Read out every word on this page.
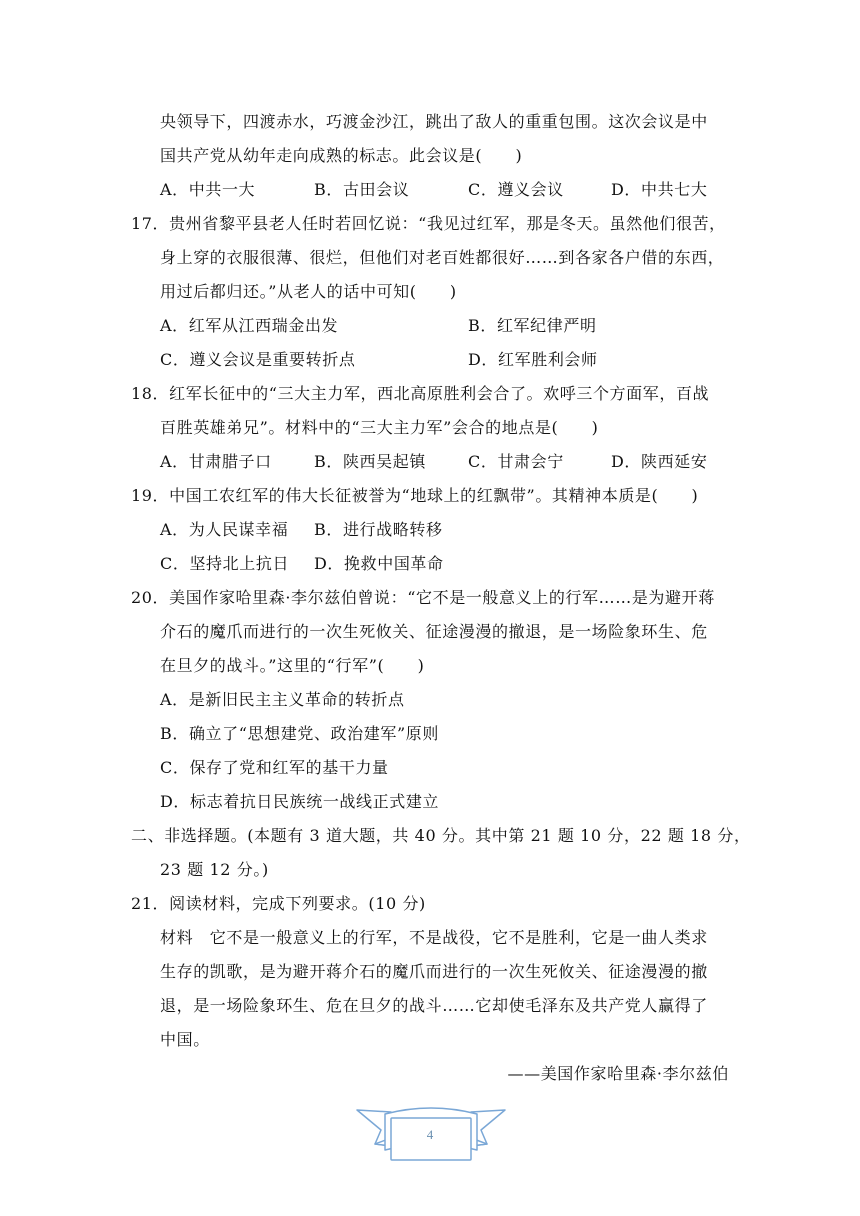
央领导下，四渡赤水，巧渡金沙江，跳出了敌人的重重包围。这次会议是中
国共产党从幼年走向成熟的标志。此会议是(　　)
A．中共一大	B．古田会议	C．遵义会议	D．中共七大
17．贵州省黎平县老人任时若回忆说：“我见过红军，那是冬天。虽然他们很苦，
身上穿的衣服很薄、很烂，但他们对老百姓都很好……到各家各户借的东西，
用过后都归还。”从老人的话中可知(　　)
A．红军从江西瑞金出发	B．红军纪律严明
C．遵义会议是重要转折点	D．红军胜利会师
18．红军长征中的“三大主力军，西北高原胜利会合了。欢呼三个方面军，百战
百胜英雄弟兄”。材料中的“三大主力军”会合的地点是(　　)
A．甘肃腊子口	B．陕西吴起镇	C．甘肃会宁	D．陕西延安
19．中国工农红军的伟大长征被誉为“地球上的红飘带”。其精神本质是(　　)
A．为人民谋幸福 B．进行战略转移
C．坚持北上抗日 D．挽救中国革命
20．美国作家哈里森·李尔兹伯曾说：“它不是一般意义上的行军……是为避开蒋
介石的魔爪而进行的一次生死攸关、征途漫漫的撤退，是一场险象环生、危
在旦夕的战斗。”这里的“行军”(　　)
A．是新旧民主主义革命的转折点
B．确立了“思想建党、政治建军”原则
C．保存了党和红军的基干力量
D．标志着抗日民族统一战线正式建立
二、非选择题。(本题有 3 道大题，共 40 分。其中第 21 题 10 分，22 题 18 分，
23 题 12 分。)
21．阅读材料，完成下列要求。(10 分)
材料　它不是一般意义上的行军，不是战役，它不是胜利，它是一曲人类求
生存的凯歌，是为避开蒋介石的魔爪而进行的一次生死攸关、征途漫漫的撤
退，是一场险象环生、危在旦夕的战斗……它却使毛泽东及共产党人赢得了
中国。
——美国作家哈里森·李尔兹伯
4
